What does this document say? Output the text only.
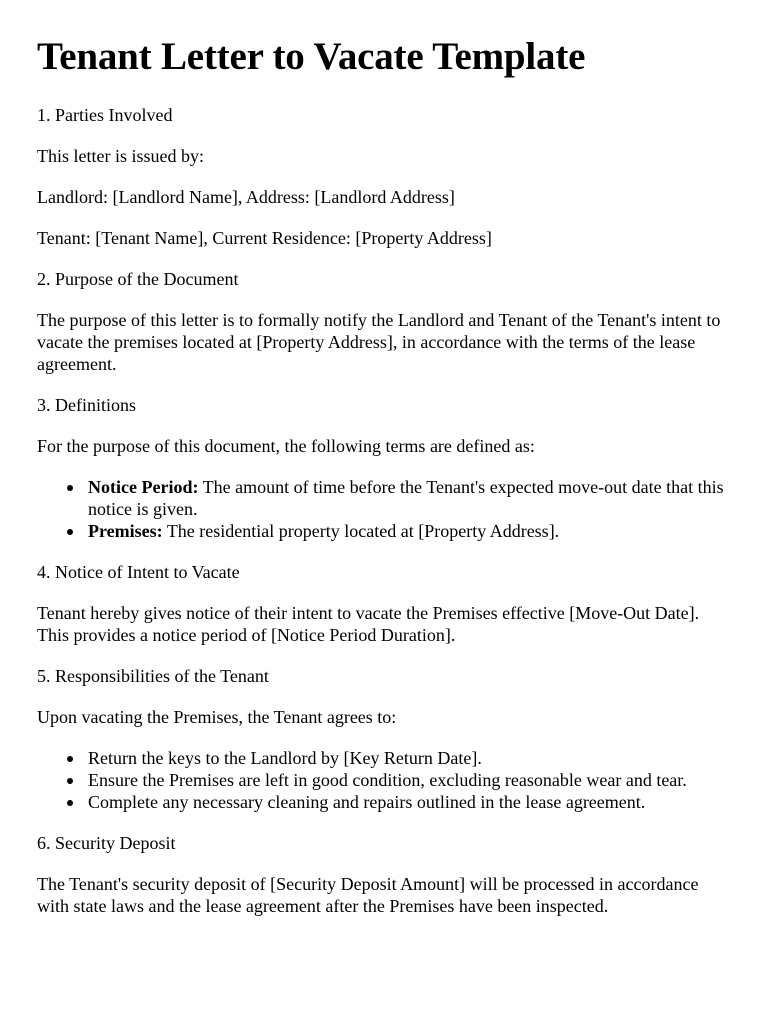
Tenant Letter to Vacate Template

1. Parties Involved

This letter is issued by:

Landlord: [Landlord Name], Address: [Landlord Address]

Tenant: [Tenant Name], Current Residence: [Property Address]

2. Purpose of the Document

The purpose of this letter is to formally notify the Landlord and Tenant of the Tenant's intent to vacate the premises located at [Property Address], in accordance with the terms of the lease agreement.

3. Definitions

For the purpose of this document, the following terms are defined as:

Notice Period: The amount of time before the Tenant's expected move-out date that this notice is given.
Premises: The residential property located at [Property Address].

4. Notice of Intent to Vacate

Tenant hereby gives notice of their intent to vacate the Premises effective [Move-Out Date]. This provides a notice period of [Notice Period Duration].

5. Responsibilities of the Tenant

Upon vacating the Premises, the Tenant agrees to:

Return the keys to the Landlord by [Key Return Date].
Ensure the Premises are left in good condition, excluding reasonable wear and tear.
Complete any necessary cleaning and repairs outlined in the lease agreement.

6. Security Deposit

The Tenant's security deposit of [Security Deposit Amount] will be processed in accordance with state laws and the lease agreement after the Premises have been inspected.
